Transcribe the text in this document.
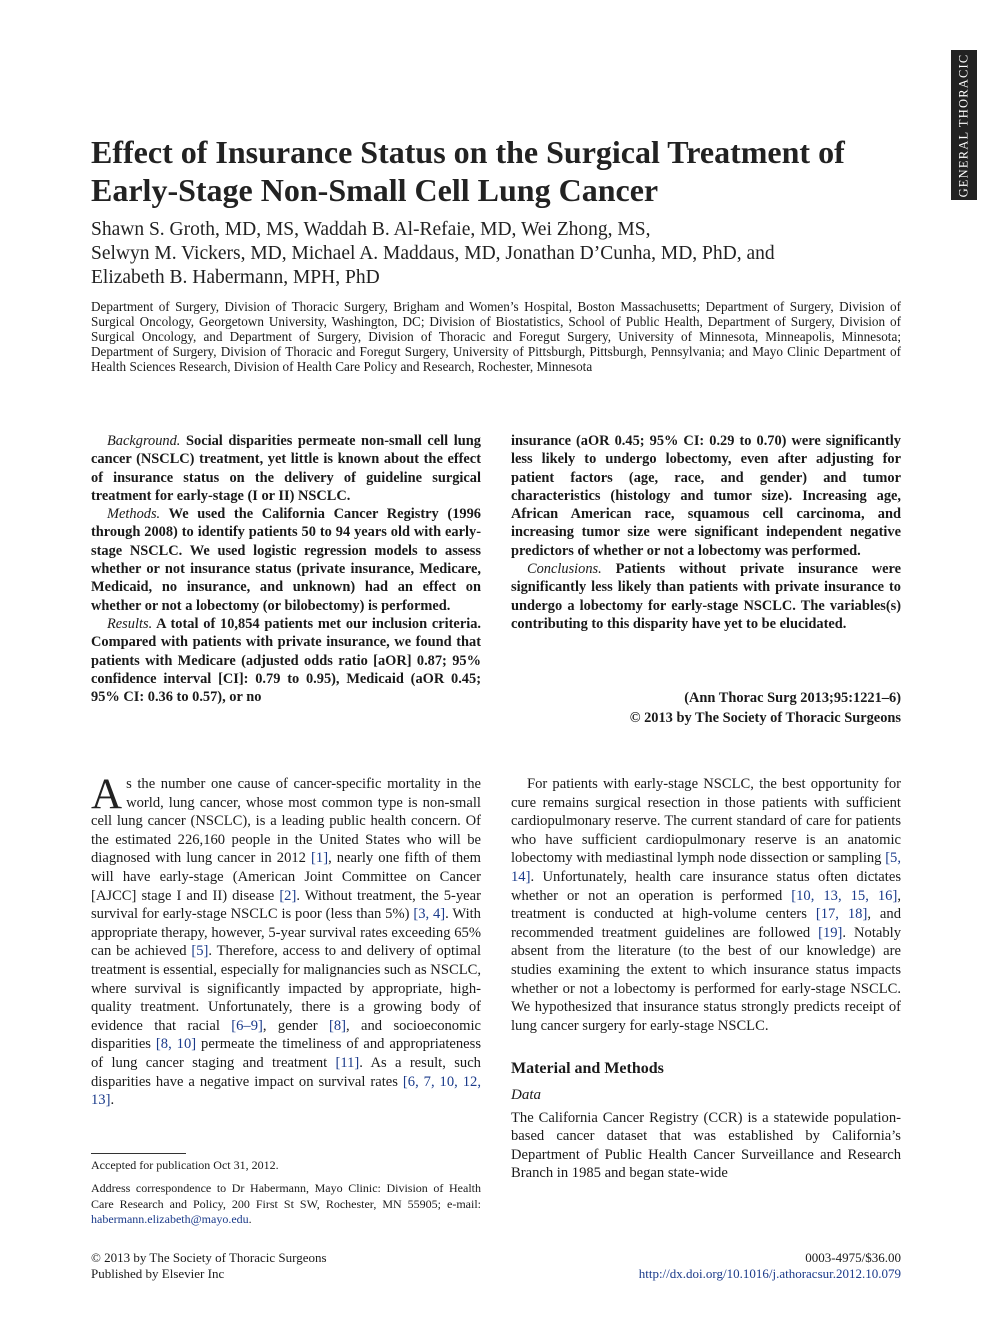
GENERAL THORACIC
Effect of Insurance Status on the Surgical Treatment of Early-Stage Non-Small Cell Lung Cancer
Shawn S. Groth, MD, MS, Waddah B. Al-Refaie, MD, Wei Zhong, MS,
Selwyn M. Vickers, MD, Michael A. Maddaus, MD, Jonathan D’Cunha, MD, PhD, and
Elizabeth B. Habermann, MPH, PhD
Department of Surgery, Division of Thoracic Surgery, Brigham and Women’s Hospital, Boston Massachusetts; Department of Surgery, Division of Surgical Oncology, Georgetown University, Washington, DC; Division of Biostatistics, School of Public Health, Department of Surgery, Division of Surgical Oncology, and Department of Surgery, Division of Thoracic and Foregut Surgery, University of Minnesota, Minneapolis, Minnesota; Department of Surgery, Division of Thoracic and Foregut Surgery, University of Pittsburgh, Pittsburgh, Pennsylvania; and Mayo Clinic Department of Health Sciences Research, Division of Health Care Policy and Research, Rochester, Minnesota

Background. Social disparities permeate non-small cell lung cancer (NSCLC) treatment, yet little is known about the effect of insurance status on the delivery of guideline surgical treatment for early-stage (I or II) NSCLC.

Methods. We used the California Cancer Registry (1996 through 2008) to identify patients 50 to 94 years old with early-stage NSCLC. We used logistic regression models to assess whether or not insurance status (private insurance, Medicare, Medicaid, no insurance, and unknown) had an effect on whether or not a lobectomy (or bilobectomy) is performed.

Results. A total of 10,854 patients met our inclusion criteria. Compared with patients with private insurance, we found that patients with Medicare (adjusted odds ratio [aOR] 0.87; 95% confidence interval [CI]: 0.79 to 0.95), Medicaid (aOR 0.45; 95% CI: 0.36 to 0.57), or no

insurance (aOR 0.45; 95% CI: 0.29 to 0.70) were significantly less likely to undergo lobectomy, even after adjusting for patient factors (age, race, and gender) and tumor characteristics (histology and tumor size). Increasing age, African American race, squamous cell carcinoma, and increasing tumor size were significant independent negative predictors of whether or not a lobectomy was performed.

Conclusions. Patients without private insurance were significantly less likely than patients with private insurance to undergo a lobectomy for early-stage NSCLC. The variables(s) contributing to this disparity have yet to be elucidated.

(Ann Thorac Surg 2013;95:1221–6)
© 2013 by The Society of Thoracic Surgeons

As the number one cause of cancer-specific mortality in the world, lung cancer, whose most common type is non-small cell lung cancer (NSCLC), is a leading public health concern. Of the estimated 226,160 people in the United States who will be diagnosed with lung cancer in 2012 [1], nearly one fifth of them will have early-stage (American Joint Committee on Cancer [AJCC] stage I and II) disease [2]. Without treatment, the 5-year survival for early-stage NSCLC is poor (less than 5%) [3, 4]. With appropriate therapy, however, 5-year survival rates exceeding 65% can be achieved [5]. Therefore, access to and delivery of optimal treatment is essential, especially for malignancies such as NSCLC, where survival is significantly impacted by appropriate, high-quality treatment. Unfortunately, there is a growing body of evidence that racial [6–9], gender [8], and socioeconomic disparities [8, 10] permeate the timeliness of and appropriateness of lung cancer staging and treatment [11]. As a result, such disparities have a negative impact on survival rates [6, 7, 10, 12, 13].

For patients with early-stage NSCLC, the best opportunity for cure remains surgical resection in those patients with sufficient cardiopulmonary reserve. The current standard of care for patients who have sufficient cardiopulmonary reserve is an anatomic lobectomy with mediastinal lymph node dissection or sampling [5, 14]. Unfortunately, health care insurance status often dictates whether or not an operation is performed [10, 13, 15, 16], treatment is conducted at high-volume centers [17, 18], and recommended treatment guidelines are followed [19]. Notably absent from the literature (to the best of our knowledge) are studies examining the extent to which insurance status impacts whether or not a lobectomy is performed for early-stage NSCLC. We hypothesized that insurance status strongly predicts receipt of lung cancer surgery for early-stage NSCLC.

Material and Methods
Data

The California Cancer Registry (CCR) is a statewide population-based cancer dataset that was established by California’s Department of Public Health Cancer Surveillance and Research Branch in 1985 and began state-wide

Accepted for publication Oct 31, 2012.
Address correspondence to Dr Habermann, Mayo Clinic: Division of Health Care Research and Policy, 200 First St SW, Rochester, MN 55905; e-mail: habermann.elizabeth@mayo.edu.
© 2013 by The Society of Thoracic Surgeons
Published by Elsevier Inc
0003-4975/$36.00
http://dx.doi.org/10.1016/j.athoracsur.2012.10.079
